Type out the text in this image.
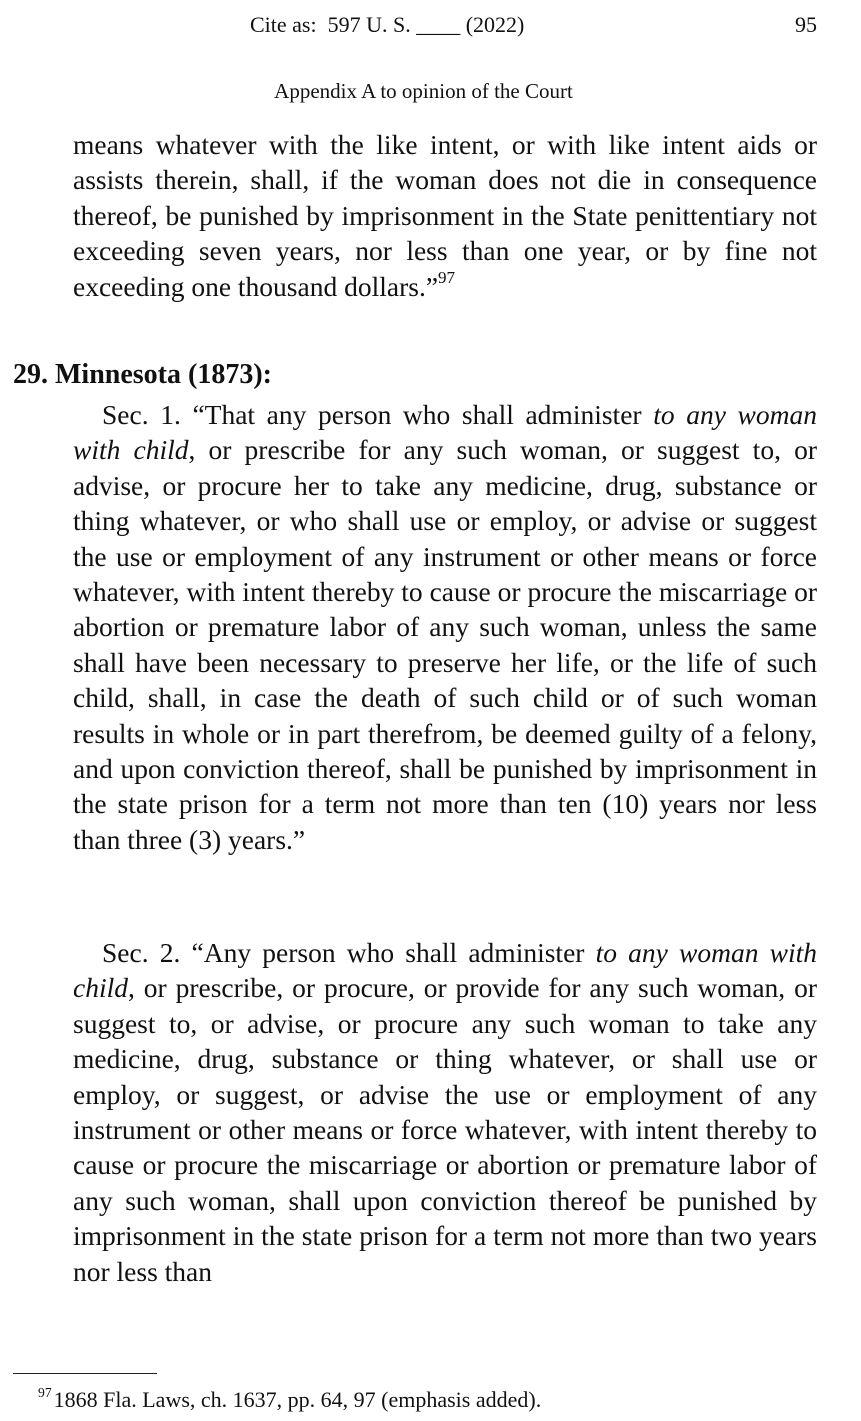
Cite as:  597 U. S. ____ (2022)	95
Appendix A to opinion of the Court

means whatever with the like intent, or with like intent aids or assists therein, shall, if the woman does not die in consequence thereof, be punished by imprisonment in the State penittentiary not exceeding seven years, nor less than one year, or by fine not exceeding one thousand dollars.”$^{97}$

29. Minnesota (1873):

Sec. 1. “That any person who shall administer to any woman with child, or prescribe for any such woman, or suggest to, or advise, or procure her to take any medicine, drug, substance or thing whatever, or who shall use or employ, or advise or suggest the use or employment of any instrument or other means or force whatever, with intent thereby to cause or procure the miscarriage or abortion or premature labor of any such woman, unless the same shall have been necessary to preserve her life, or the life of such child, shall, in case the death of such child or of such woman results in whole or in part therefrom, be deemed guilty of a felony, and upon conviction thereof, shall be punished by imprisonment in the state prison for a term not more than ten (10) years nor less than three (3) years.”

Sec. 2. “Any person who shall administer to any woman with child, or prescribe, or procure, or provide for any such woman, or suggest to, or advise, or procure any such woman to take any medicine, drug, substance or thing whatever, or shall use or employ, or suggest, or advise the use or employment of any instrument or other means or force whatever, with intent thereby to cause or procure the miscarriage or abortion or premature labor of any such woman, shall upon conviction thereof be punished by imprisonment in the state prison for a term not more than two years nor less than

$^{97}$1868 Fla. Laws, ch. 1637, pp. 64, 97 (emphasis added).
